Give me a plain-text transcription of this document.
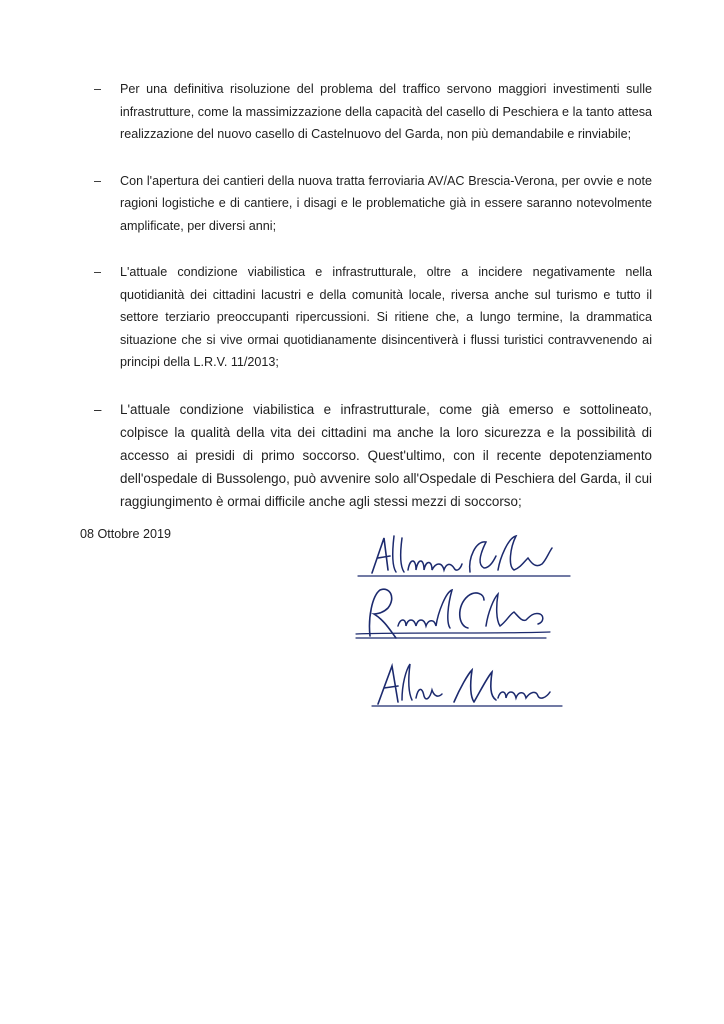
–	Per una definitiva risoluzione del problema del traffico servono maggiori investimenti sulle infrastrutture, come la massimizzazione della capacità del casello di Peschiera e la tanto attesa realizzazione del nuovo casello di Castelnuovo del Garda, non più demandabile e rinviabile;
–	Con l'apertura dei cantieri della nuova tratta ferroviaria AV/AC Brescia-Verona, per ovvie e note ragioni logistiche e di cantiere, i disagi e le problematiche già in essere saranno notevolmente amplificate, per diversi anni;
–	L'attuale condizione viabilistica e infrastrutturale, oltre a incidere negativamente nella quotidianità dei cittadini lacustri e della comunità locale, riversa anche sul turismo e tutto il settore terziario preoccupanti ripercussioni. Si ritiene che, a lungo termine, la drammatica situazione che si vive ormai quotidianamente disincentiverà i flussi turistici contravvenendo ai principi della L.R.V. 11/2013;
–	L'attuale condizione viabilistica e infrastrutturale, come già emerso e sottolineato, colpisce la qualità della vita dei cittadini ma anche la loro sicurezza e la possibilità di accesso ai presidi di primo soccorso. Quest'ultimo, con il recente depotenziamento dell'ospedale di Bussolengo, può avvenire solo all'Ospedale di Peschiera del Garda, il cui raggiungimento è ormai difficile anche agli stessi mezzi di soccorso;
08 Ottobre 2019
